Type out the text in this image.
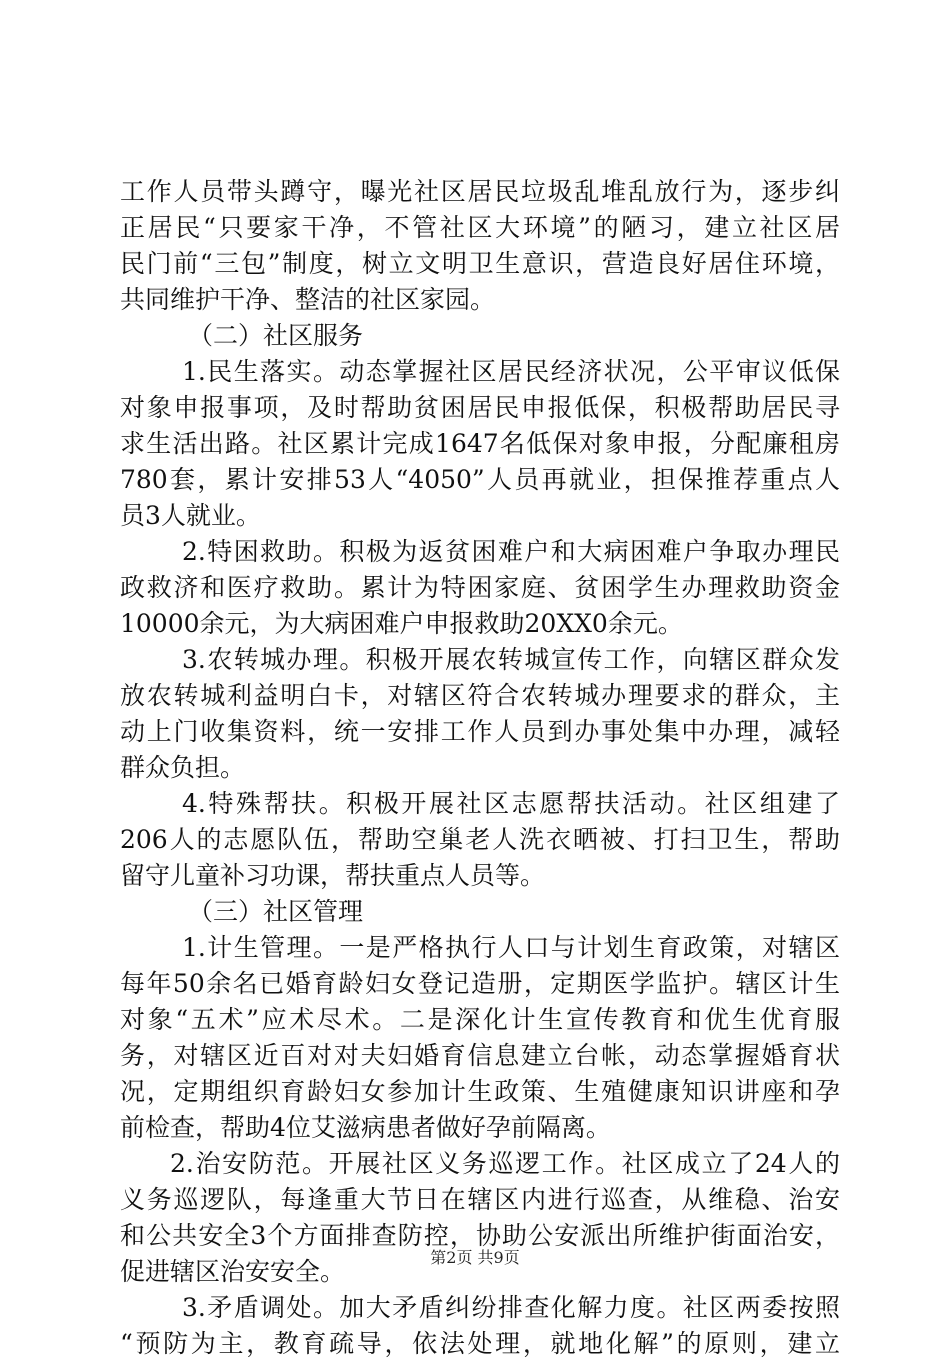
工作人员带头蹲守，曝光社区居民垃圾乱堆乱放行为，逐步纠
正居民“只要家干净，不管社区大环境”的陋习，建立社区居
民门前“三包”制度，树立文明卫生意识，营造良好居住环境，
共同维护干净、整洁的社区家园。
（二）社区服务
1.民生落实。动态掌握社区居民经济状况，公平审议低保
对象申报事项，及时帮助贫困居民申报低保，积极帮助居民寻
求生活出路。社区累计完成1647名低保对象申报，分配廉租房
780套，累计安排53人“4050”人员再就业，担保推荐重点人
员3人就业。
2.特困救助。积极为返贫困难户和大病困难户争取办理民
政救济和医疗救助。累计为特困家庭、贫困学生办理救助资金
10000余元，为大病困难户申报救助20XX0余元。
3.农转城办理。积极开展农转城宣传工作，向辖区群众发
放农转城利益明白卡，对辖区符合农转城办理要求的群众，主
动上门收集资料，统一安排工作人员到办事处集中办理，减轻
群众负担。
4.特殊帮扶。积极开展社区志愿帮扶活动。社区组建了
206人的志愿队伍，帮助空巢老人洗衣晒被、打扫卫生，帮助
留守儿童补习功课，帮扶重点人员等。
（三）社区管理
1.计生管理。一是严格执行人口与计划生育政策，对辖区
每年50余名已婚育龄妇女登记造册，定期医学监护。辖区计生
对象“五术”应术尽术。二是深化计生宣传教育和优生优育服
务，对辖区近百对对夫妇婚育信息建立台帐，动态掌握婚育状
况，定期组织育龄妇女参加计生政策、生殖健康知识讲座和孕
前检查，帮助4位艾滋病患者做好孕前隔离。
2.治安防范。开展社区义务巡逻工作。社区成立了24人的
义务巡逻队，每逢重大节日在辖区内进行巡查，从维稳、治安
和公共安全3个方面排查防控，协助公安派出所维护街面治安，
促进辖区治安安全。
3.矛盾调处。加大矛盾纠纷排查化解力度。社区两委按照
“预防为主，教育疏导，依法处理，就地化解”的原则，建立
第2页 共9页
